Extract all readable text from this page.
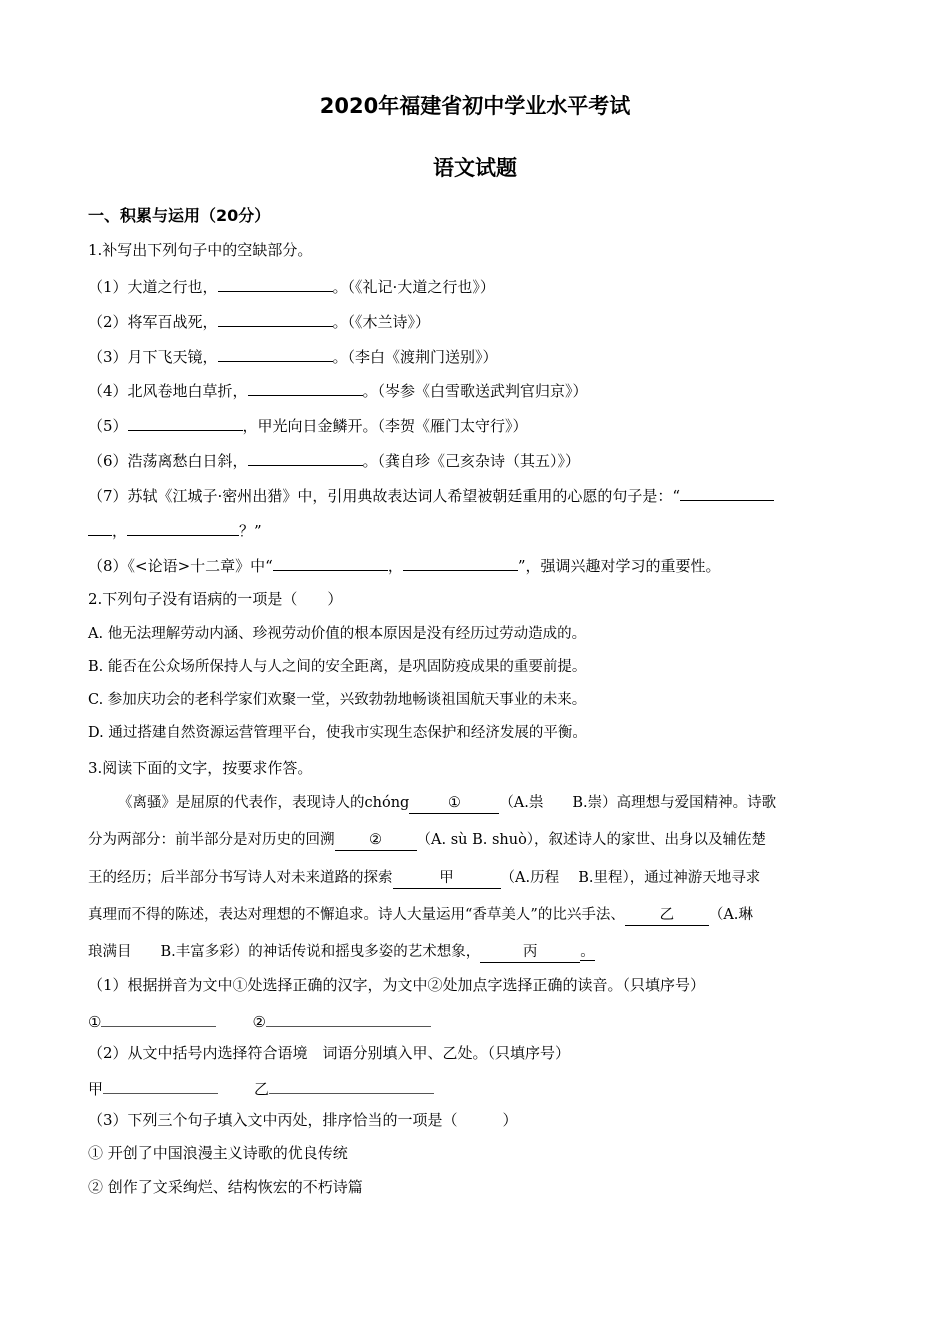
2020年福建省初中学业水平考试
语文试题
一、积累与运用（20分）
1.补写出下列句子中的空缺部分。
（1）大道之行也，	。（《礼记·大道之行也》）
（2）将军百战死，	。（《木兰诗》）
（3）月下飞天镜，	。（李白《渡荆门送别》）
（4）北风卷地白草折，	。（岑参《白雪歌送武判官归京》）
（5）	，甲光向日金鳞开。（李贺《雁门太守行》）
（6）浩荡离愁白日斜，	。（龚自珍《己亥杂诗（其五）》）
（7）苏轼《江城子·密州出猎》中，引用典故表达词人希望被朝廷重用的心愿的句子是：“
，	？”
（8）《<论语>十二章》中“	，	”，强调兴趣对学习的重要性。
2.下列句子没有语病的一项是（　　）
A. 他无法理解劳动内涵、珍视劳动价值的根本原因是没有经历过劳动造成的。
B. 能否在公众场所保持人与人之间的安全距离，是巩固防疫成果的重要前提。
C. 参加庆功会的老科学家们欢聚一堂，兴致勃勃地畅谈祖国航天事业的未来。
D. 通过搭建自然资源运营管理平台，使我市实现生态保护和经济发展的平衡。
3.阅读下面的文字，按要求作答。
《离骚》是屈原的代表作，表现诗人的chóng	①	（A.祟　　B.崇）高理想与爱国精神。诗歌
分为两部分：前半部分是对历史的回溯 ② （A. sù B. shuò），叙述诗人的家世、出身以及辅佐楚
王的经历；后半部分书写诗人对未来道路的探索	甲	（A.历程　 B.里程），通过神游天地寻求
真理而不得的陈述，表达对理想的不懈追求。诗人大量运用“香草美人”的比兴手法、 乙 （A.琳
琅满目　　B.丰富多彩）的神话传说和摇曳多姿的艺术想象，	丙	。
（1）根据拼音为文中①处选择正确的汉字，为文中②处加点字选择正确的读音。（只填序号）
①	②
（2）从文中括号内选择符合语境　词语分别填入甲、乙处。（只填序号）
甲	乙
（3）下列三个句子填入文中丙处，排序恰当的一项是（　　　）
① 开创了中国浪漫主义诗歌的优良传统
② 创作了文采绚烂、结构恢宏的不朽诗篇
